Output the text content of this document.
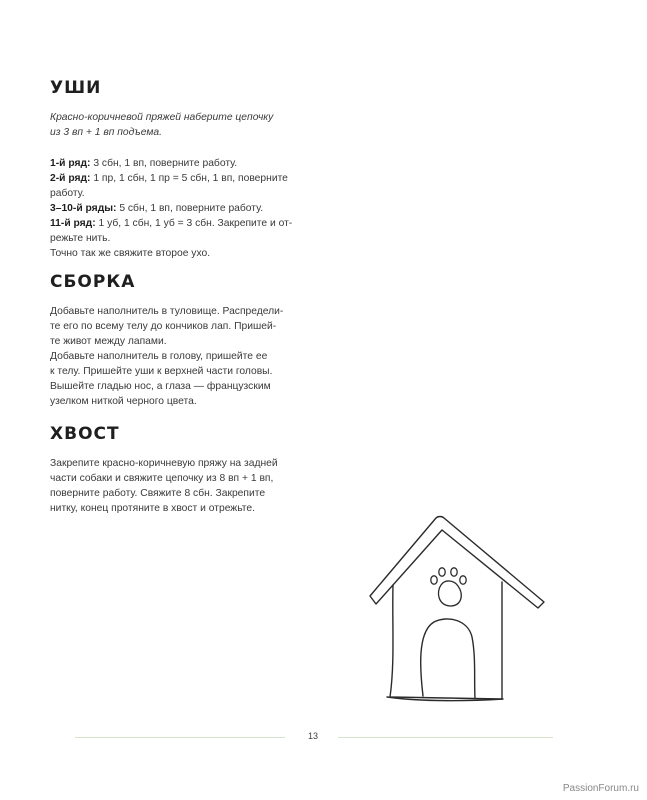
УШИ

Красно-коричневой пряжей наберите цепочку
из 3 вп + 1 вп подъема.

1-й ряд: 3 сбн, 1 вп, поверните работу.

2-й ряд: 1 пр, 1 сбн, 1 пр = 5 сбн, 1 вп, поверните

работу.

3–10-й ряды: 5 сбн, 1 вп, поверните работу.

11-й ряд: 1 уб, 1 сбн, 1 уб = 3 сбн. Закрепите и от-

режьте нить.

Точно так же свяжите второе ухо.

СБОРКА

Добавьте наполнитель в туловище. Распредели-

те его по всему телу до кончиков лап. Пришей-

те живот между лапами.

Добавьте наполнитель в голову, пришейте ее

к телу. Пришейте уши к верхней части головы.

Вышейте гладью нос, а глаза — французским

узелком ниткой черного цвета.

ХВОСТ

Закрепите красно-коричневую пряжу на задней

части собаки и свяжите цепочку из 8 вп + 1 вп,

поверните работу. Свяжите 8 сбн. Закрепите

нитку, конец протяните в хвост и отрежьте.

13
PassionForum.ru
